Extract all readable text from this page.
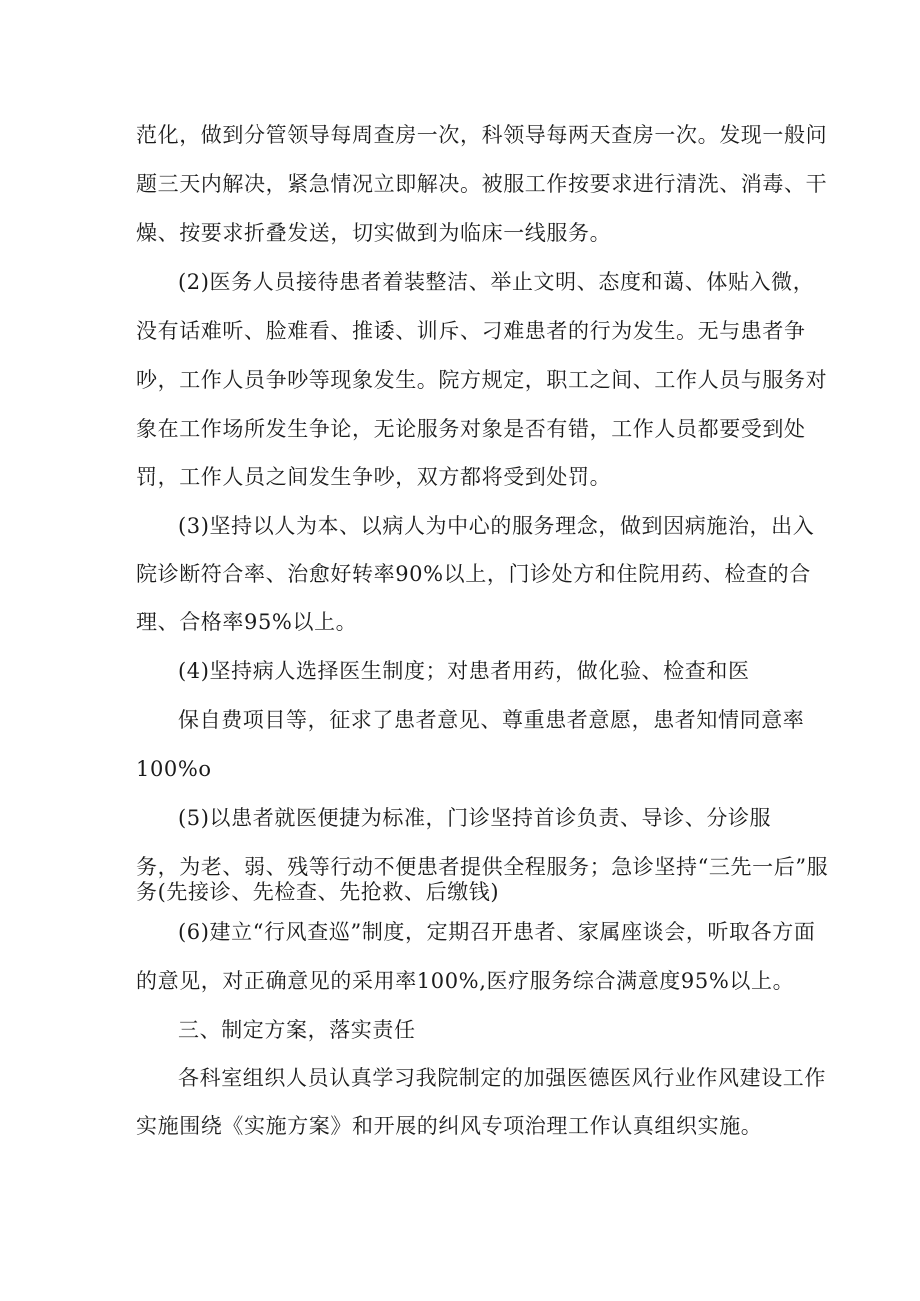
范化，做到分管领导每周查房一次，科领导每两天查房一次。发现一般问
题三天内解决，紧急情况立即解决。被服工作按要求进行清洗、消毒、干
燥、按要求折叠发送，切实做到为临床一线服务。
(2)医务人员接待患者着装整洁、举止文明、态度和蔼、体贴入微，
没有话难听、脸难看、推诿、训斥、刁难患者的行为发生。无与患者争
吵，工作人员争吵等现象发生。院方规定，职工之间、工作人员与服务对
象在工作场所发生争论，无论服务对象是否有错，工作人员都要受到处
罚，工作人员之间发生争吵，双方都将受到处罚。
(3)坚持以人为本、以病人为中心的服务理念，做到因病施治，出入
院诊断符合率、治愈好转率90%以上，门诊处方和住院用药、检查的合
理、合格率95%以上。
(4)坚持病人选择医生制度；对患者用药，做化验、检查和医
保自费项目等，征求了患者意见、尊重患者意愿，患者知情同意率
100%o
(5)以患者就医便捷为标准，门诊坚持首诊负责、导诊、分诊服
务，为老、弱、残等行动不便患者提供全程服务；急诊坚持“三先一后”服
务(先接诊、先检查、先抢救、后缴钱)
(6)建立“行风查巡”制度，定期召开患者、家属座谈会，听取各方面
的意见，对正确意见的采用率100%,医疗服务综合满意度95%以上。
三、制定方案，落实责任
各科室组织人员认真学习我院制定的加强医德医风行业作风建设工作
实施围绕《实施方案》和开展的纠风专项治理工作认真组织实施。
